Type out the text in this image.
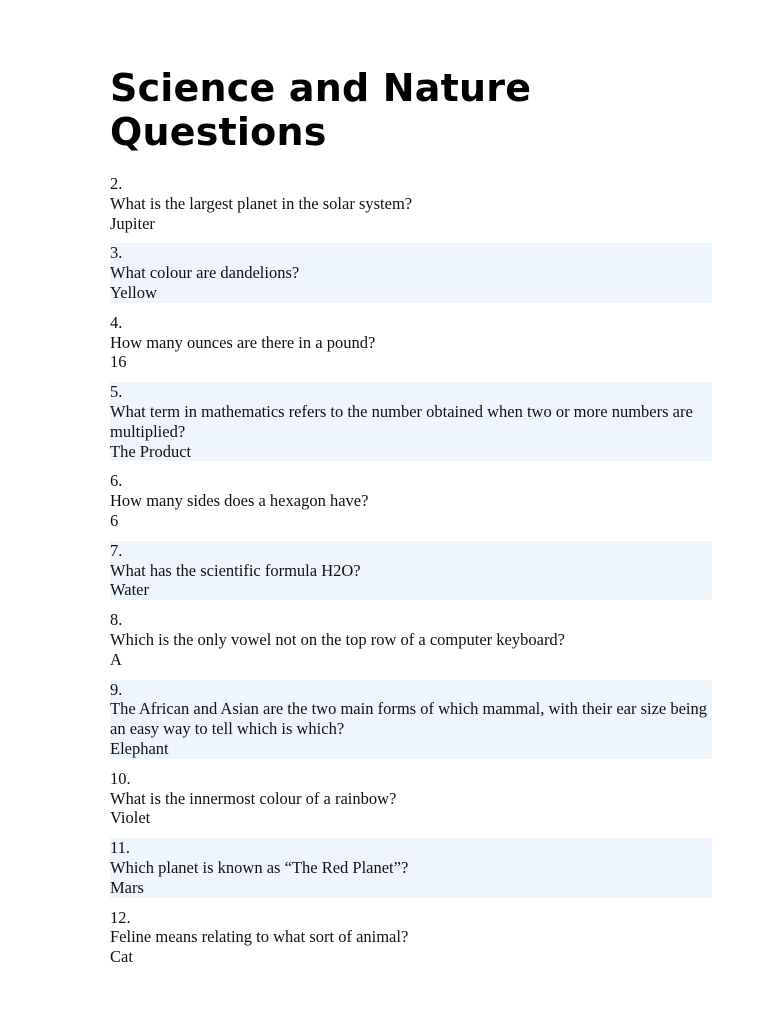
Science and Nature Questions
2.
What is the largest planet in the solar system?
Jupiter
3.
What colour are dandelions?
Yellow
4.
How many ounces are there in a pound?
16
5.
What term in mathematics refers to the number obtained when two or more numbers are multiplied?
The Product
6.
How many sides does a hexagon have?
6
7.
What has the scientific formula H2O?
Water
8.
Which is the only vowel not on the top row of a computer keyboard?
A
9.
The African and Asian are the two main forms of which mammal, with their ear size being an easy way to tell which is which?
Elephant
10.
What is the innermost colour of a rainbow?
Violet
11.
Which planet is known as “The Red Planet”?
Mars
12.
Feline means relating to what sort of animal?
Cat
